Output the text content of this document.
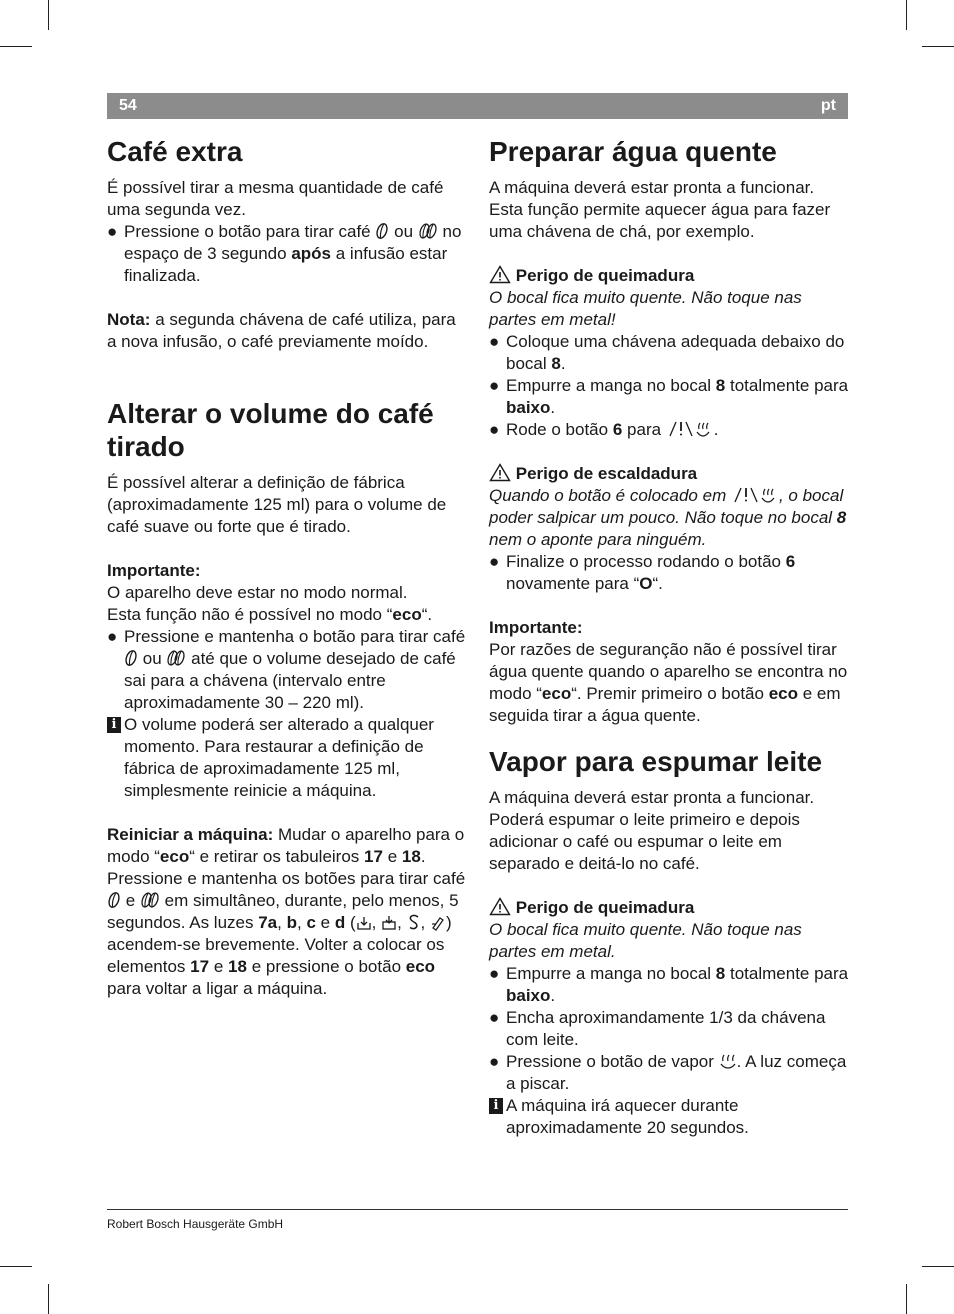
54	pt
Café extra

É possível tirar a mesma quantidade de café uma segunda vez.

● Pressione o botão para tirar café ou no espaço de 3 segundo após a infusão estar finalizada.

Nota: a segunda chávena de café utiliza, para a nova infusão, o café previamente moído.

Alterar o volume do café tirado

É possível alterar a definição de fábrica (aproximadamente 125 ml) para o volume de café suave ou forte que é tirado.

Importante:

O aparelho deve estar no modo normal.

Esta função não é possível no modo “eco“.

● Pressione e mantenha o botão para tirar café  ou até que o volume desejado de café sai para a chávena (intervalo entre aproximadamente 30 – 220 ml).
i O volume poderá ser alterado a qualquer momento. Para restaurar a definição de fábrica de aproximadamente 125 ml, simplesmente reinicie a máquina.

Reiniciar a máquina: Mudar o aparelho para o modo “eco“ e retirar os tabuleiros 17 e 18. Pressione e mantenha os botões para tirar café  e em simultâneo, durante, pelo menos, 5 segundos. As luzes 7a, b, c e d ( , , , ) acendem-se brevemente. Volter a colocar os elementos 17 e 18 e pressione o botão eco para voltar a ligar a máquina.

Preparar água quente

A máquina deverá estar pronta a funcionar. Esta função permite aquecer água para fazer uma chávena de chá, por exemplo.

Perigo de queimadura

O bocal fica muito quente. Não toque nas partes em metal!

● Coloque uma chávena adequada debaixo do bocal 8.
● Empurre a manga no bocal 8 totalmente para baixo.
● Rode o botão 6 para	.

Perigo de escaldadura

Quando o botão é colocado em	, o bocal poder salpicar um pouco. Não toque no bocal 8 nem o aponte para ninguém.

● Finalize o processo rodando o botão 6 novamente para “O“.

Importante:

Por razões de seguranção não é possível tirar água quente quando o aparelho se encontra no modo “eco“. Premir primeiro o botão eco e em seguida tirar a água quente.

Vapor para espumar leite

A máquina deverá estar pronta a funcionar. Poderá espumar o leite primeiro e depois adicionar o café ou espumar o leite em separado e deitá-lo no café.

Perigo de queimadura

O bocal fica muito quente. Não toque nas partes em metal.

● Empurre a manga no bocal 8 totalmente para baixo.
● Encha aproximandamente 1/3 da chávena com leite.
● Pressione o botão de vapor . A luz começa a piscar.
i A máquina irá aquecer durante aproximadamente 20 segundos.
Robert Bosch Hausgeräte GmbH
